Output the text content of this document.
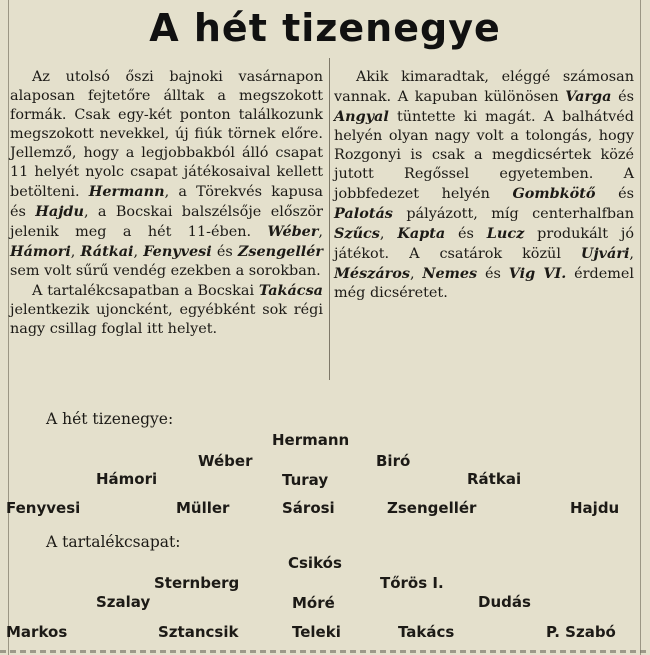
A hét tizenegye

Az utolsó őszi bajnoki vasárnapon alaposan fejtetőre álltak a megszokott formák. Csak egy-két ponton találkozunk megszokott nevekkel, új fiúk törnek előre. Jellemző, hogy a legjobbakból álló csapat 11 helyét nyolc csapat játékosaival kellett betölteni. Hermann, a Törekvés kapusa és Hajdu, a Bocskai balszélsője először jelenik meg a hét 11-ében. Wéber, Hámori, Rátkai, Fenyvesi és Zsengellér sem volt sűrű vendég ezekben a sorokban.

A tartalékcsapatban a Bocskai Takácsa jelentkezik ujoncként, egyébként sok régi nagy csillag foglal itt helyet.

Akik kimaradtak, eléggé számosan vannak. A kapuban különösen Varga és Angyal tüntette ki magát. A balhátvéd helyén olyan nagy volt a tolongás, hogy Rozgonyi is csak a megdicsértek közé jutott Regőssel egyetemben. A jobbfedezet helyén Gombkötő és Palotás pályázott, míg centerhalfban Szűcs, Kapta és Lucz produkált jó játékot. A csatárok közül Ujvári, Mészáros, Nemes és Vig VI. érdemel még dicséretet.

A hét tizenegye:
Hermann
Wéber	Biró
Hámori	Turay	Rátkai
Fenyvesi	Müller	Sárosi	Zsengellér	Hajdu
A tartalékcsapat:
Csikós
Sternberg	Tőrös I.
Szalay	Móré	Dudás
Markos	Sztancsik	Teleki	Takács	P. Szabó
